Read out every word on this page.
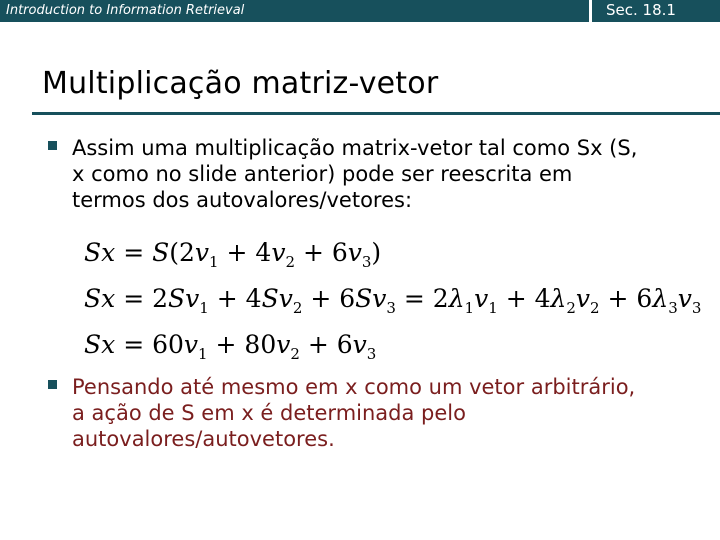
Introduction to Information Retrieval	Sec. 18.1
Multiplicação matriz-vetor
Assim uma multiplicação matrix-vetor tal como Sx (S,
x como no slide anterior) pode ser reescrita em
termos dos autovalores/vetores:
$Sx = S(2v_1 + 4v_2 + 6v_3)$
$Sx = 2Sv_1 + 4Sv_2 + 6Sv_3 = 2\lambda_1v_1 + 4\lambda_2v_2 + 6\lambda_3v_3$
$Sx = 60v_1 + 80v_2 + 6v_3$
Pensando até mesmo em x como um vetor arbitrário,
a ação de S em x é determinada pelo
autovalores/autovetores.
